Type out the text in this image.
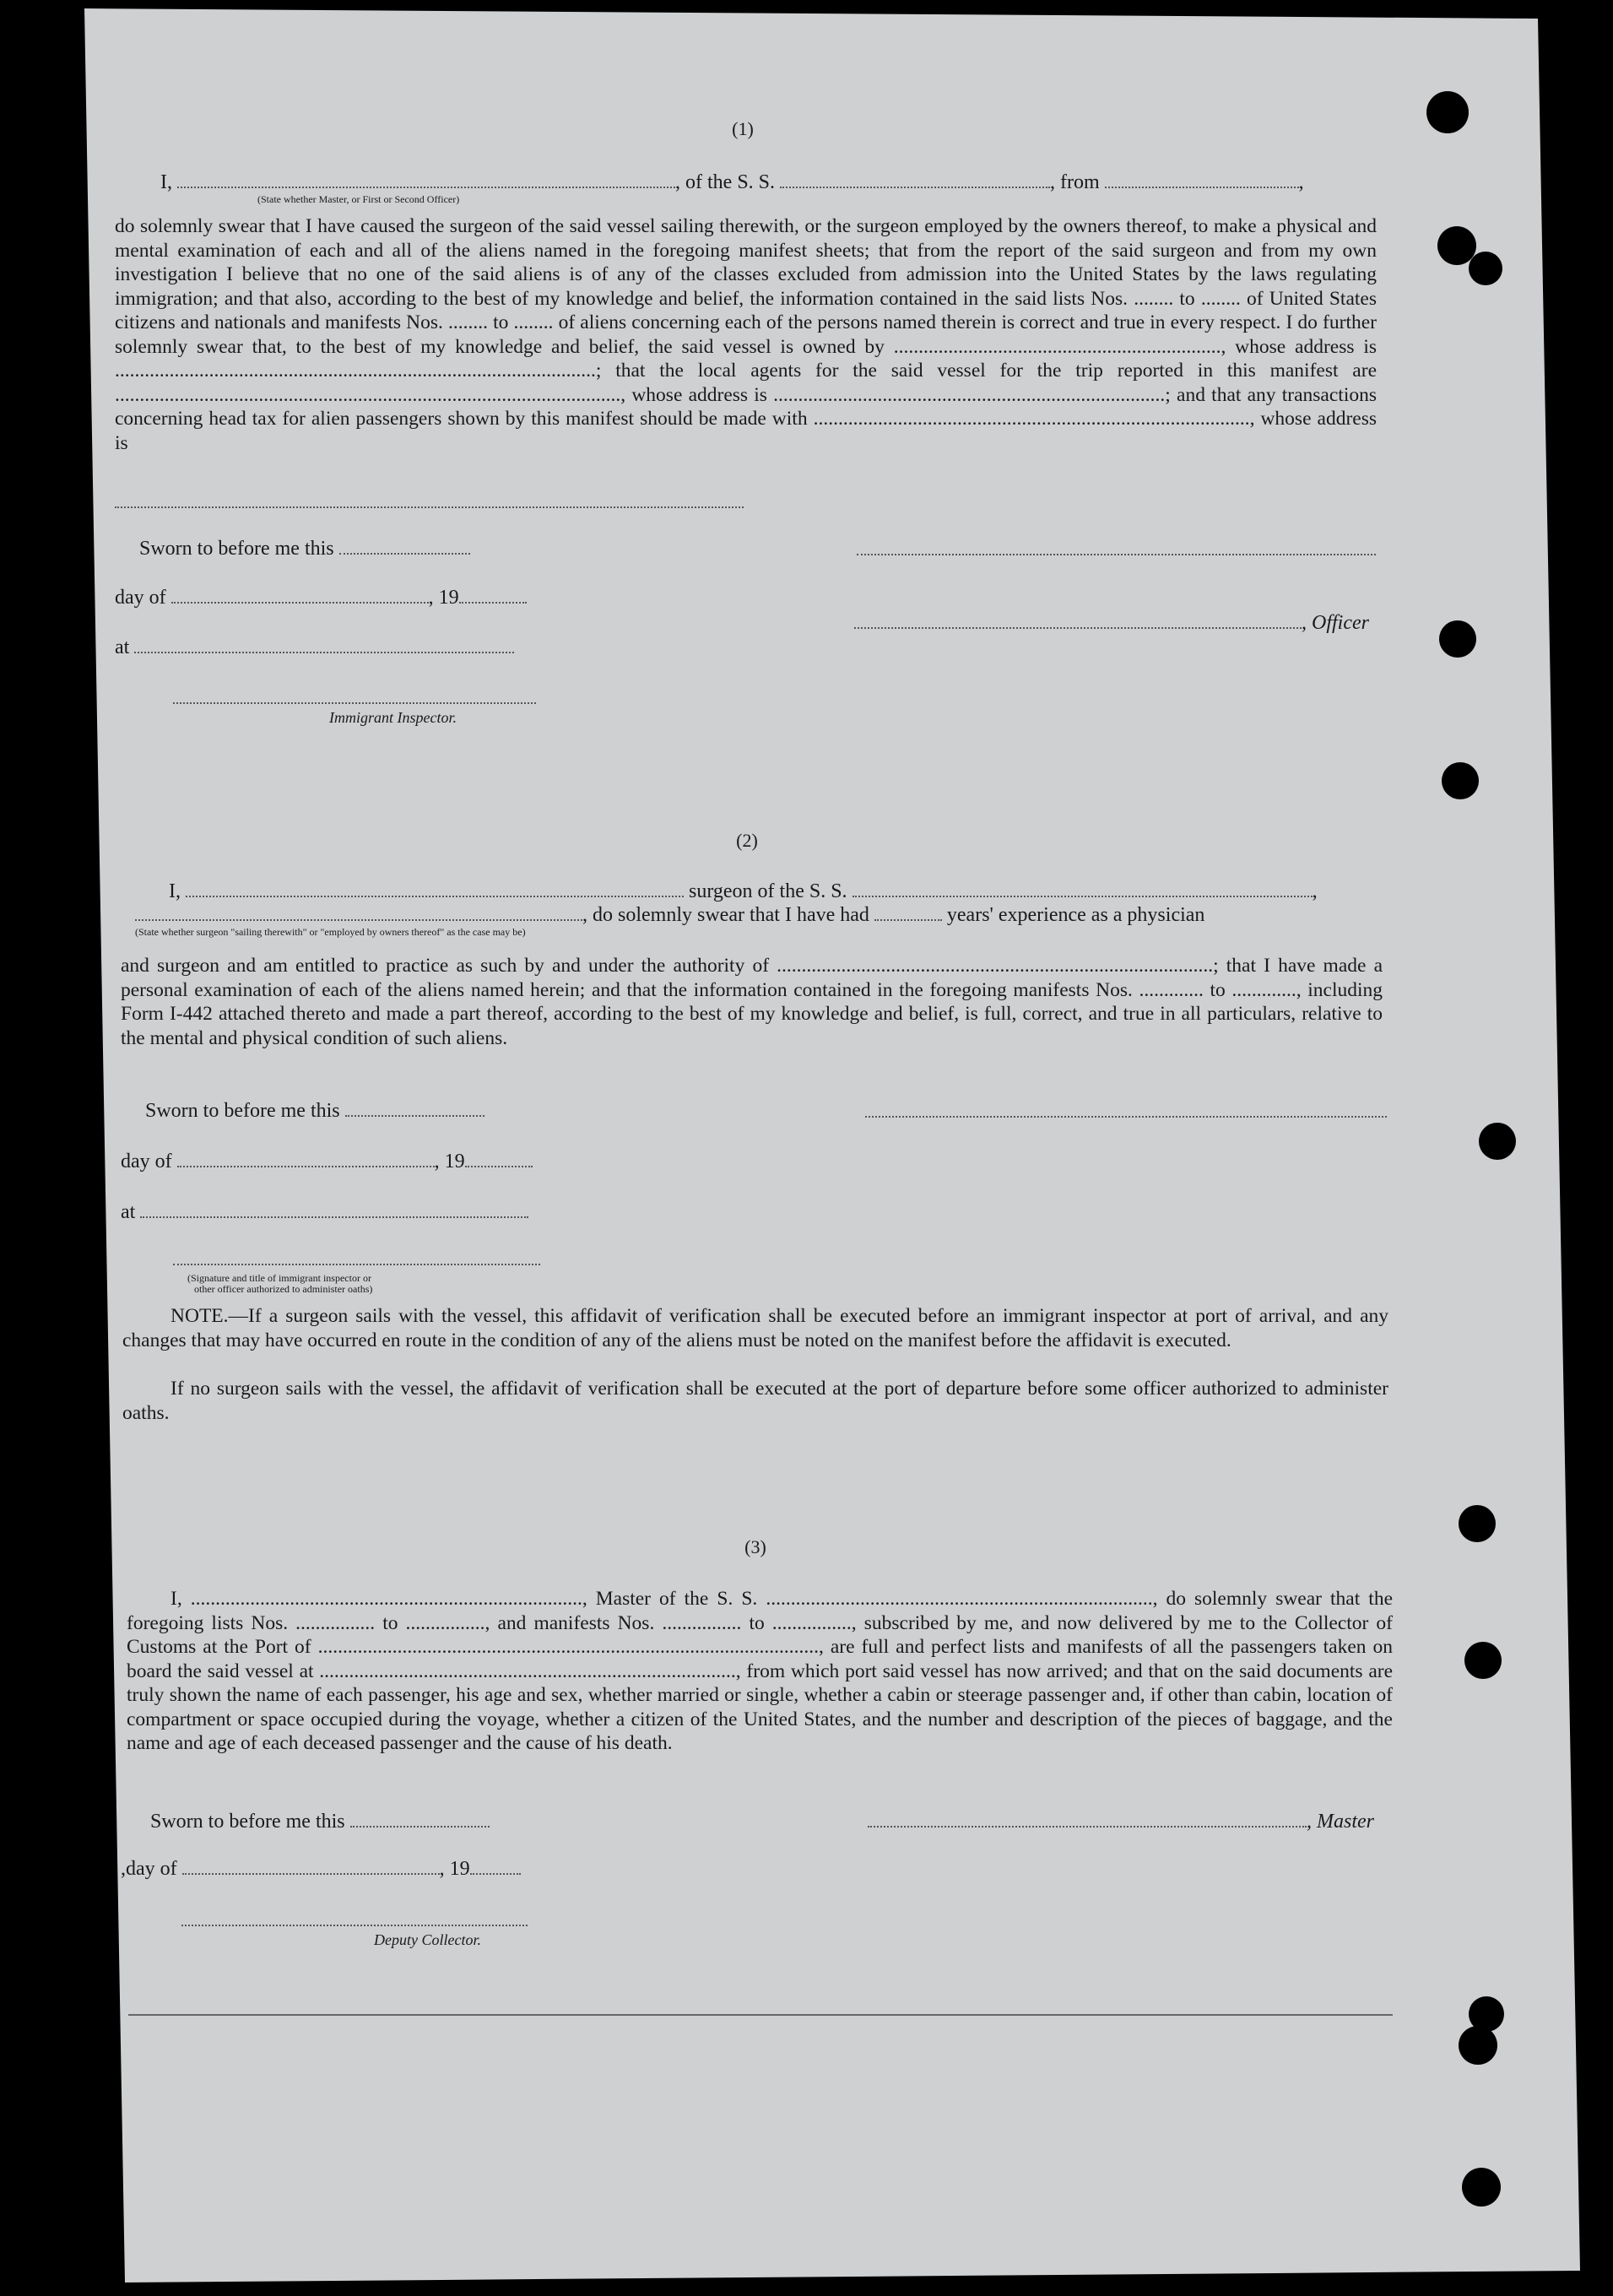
(1)
I,	, of the S. S.	, from	,
(State whether Master, or First or Second Officer)
do solemnly swear that I have caused the surgeon of the said vessel sailing therewith, or the surgeon employed by the owners thereof, to make a physical and mental examination of each and all of the aliens named in the foregoing manifest sheets; that from the report of the said surgeon and from my own investigation I believe that no one of the said aliens is of any of the classes excluded from admission into the United States by the laws regulating immigration; and that also, according to the best of my knowledge and belief, the information contained in the said lists Nos. ........ to ........ of United States citizens and nationals and manifests Nos. ........ to ........ of aliens concerning each of the persons named therein is correct and true in every respect. I do further solemnly swear that, to the best of my knowledge and belief, the said vessel is owned by .................................................................., whose address is .................................................................................................; that the local agents for the said vessel for the trip reported in this manifest are ......................................................................................................, whose address is ...............................................................................; and that any transactions concerning head tax for alien passengers shown by this manifest should be made with ........................................................................................, whose address is
Sworn to before me this
day of	, 19
, Officer
at
Immigrant Inspector.
(2)
I,	surgeon of the S. S.	,
, do solemnly swear that I have had	years' experience as a physician
(State whether surgeon "sailing therewith" or "employed by owners thereof" as the case may be)
and surgeon and am entitled to practice as such by and under the authority of ........................................................................................; that I have made a personal examination of each of the aliens named herein; and that the information contained in the foregoing manifests Nos. ............. to ............., including Form I-442 attached thereto and made a part thereof, according to the best of my knowledge and belief, is full, correct, and true in all particulars, relative to the mental and physical condition of such aliens.
Sworn to before me this
day of	, 19
at
(Signature and title of immigrant inspector or
other officer authorized to administer oaths)
NOTE.—If a surgeon sails with the vessel, this affidavit of verification shall be executed before an immigrant inspector at port of arrival, and any changes that may have occurred en route in the condition of any of the aliens must be noted on the manifest before the affidavit is executed.
If no surgeon sails with the vessel, the affidavit of verification shall be executed at the port of departure before some officer authorized to administer oaths.
(3)
I, ..............................................................................., Master of the S. S. .............................................................................., do solemnly swear that the foregoing lists Nos. ................ to ................, and manifests Nos. ................ to ................, subscribed by me, and now delivered by me to the Collector of Customs at the Port of ....................................................................................................., are full and perfect lists and manifests of all the passengers taken on board the said vessel at ...................................................................................., from which port said vessel has now arrived; and that on the said documents are truly shown the name of each passenger, his age and sex, whether married or single, whether a cabin or steerage passenger and, if other than cabin, location of compartment or space occupied during the voyage, whether a citizen of the United States, and the number and description of the pieces of baggage, and the name and age of each deceased passenger and the cause of his death.
Sworn to before me this	, Master
,day of	, 19
Deputy Collector.
